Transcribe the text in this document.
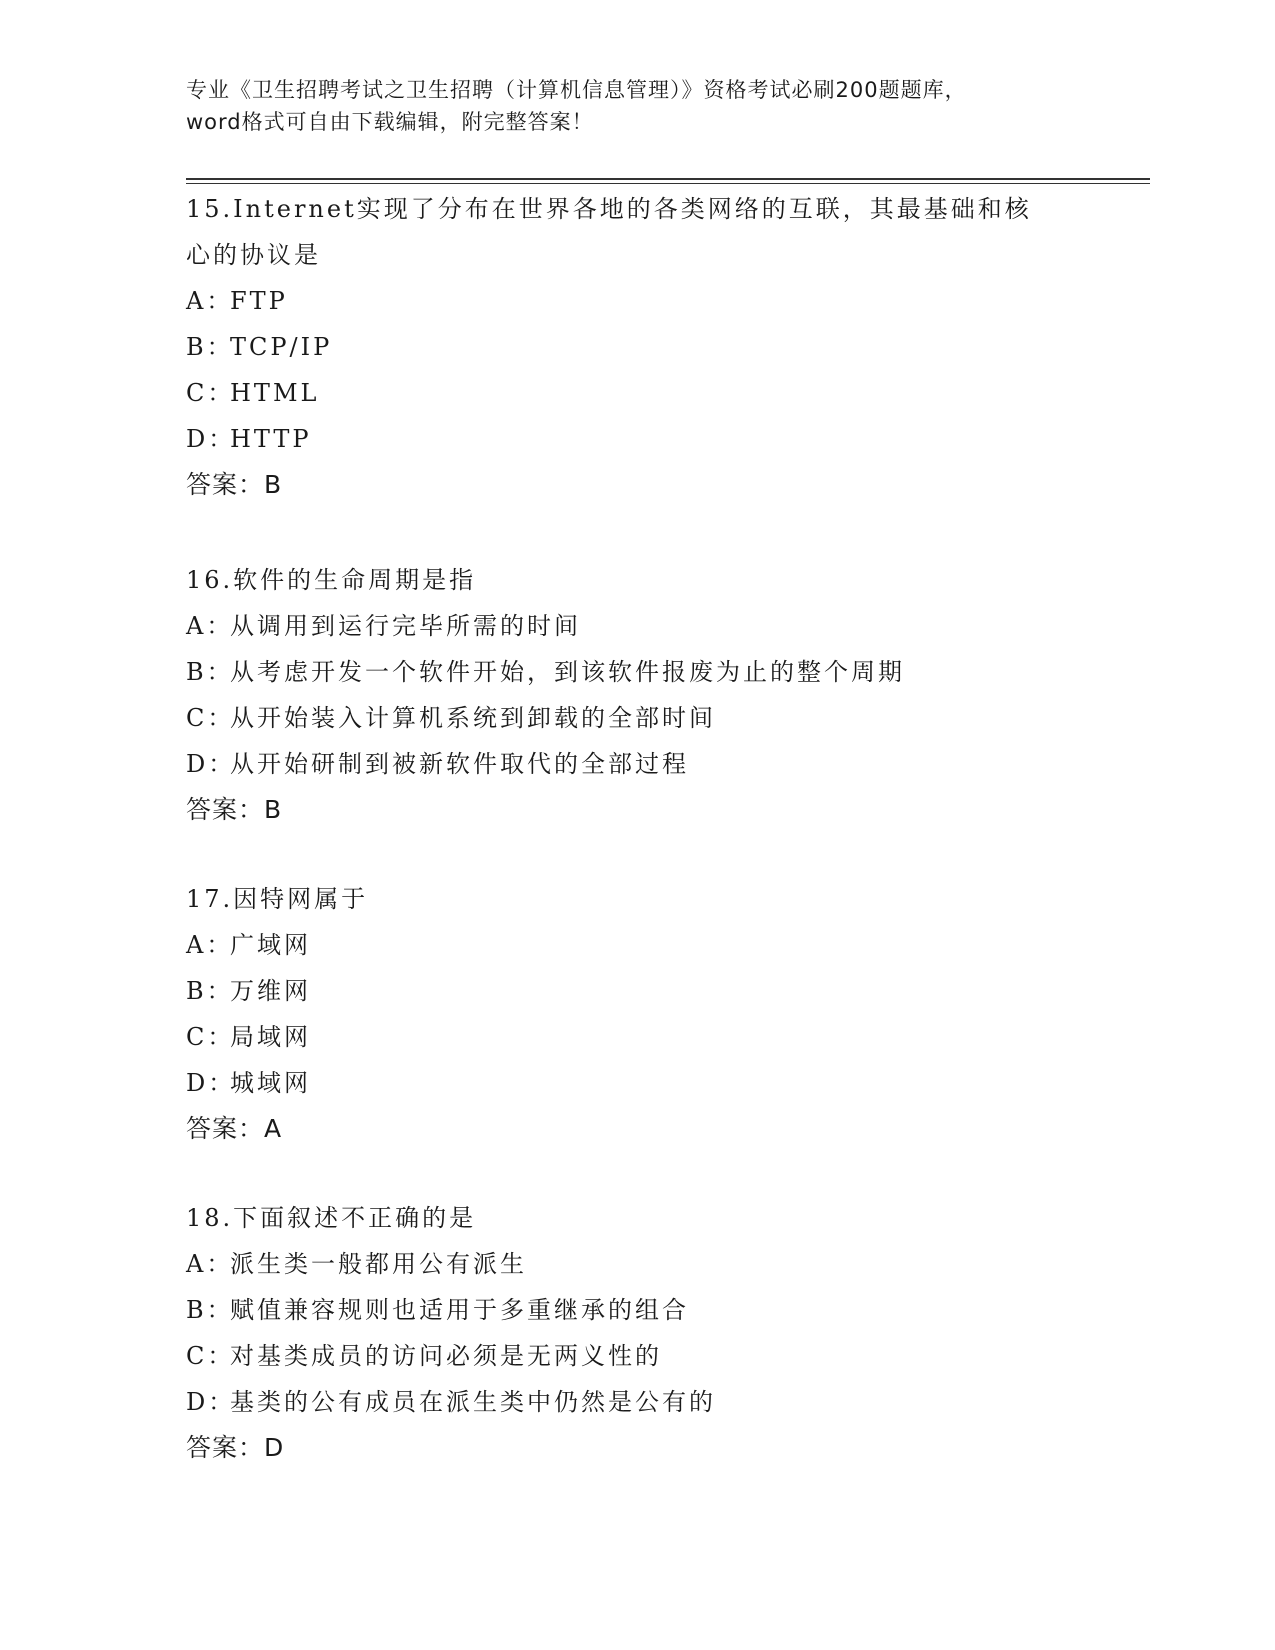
专业《卫生招聘考试之卫生招聘（计算机信息管理）》资格考试必刷200题题库，
word格式可自由下载编辑，附完整答案！
15.Internet实现了分布在世界各地的各类网络的互联，其最基础和核
心的协议是
A：FTP
B：TCP/IP
C：HTML
D：HTTP
答案：B
16.软件的生命周期是指
A：从调用到运行完毕所需的时间
B：从考虑开发一个软件开始，到该软件报废为止的整个周期
C：从开始装入计算机系统到卸载的全部时间
D：从开始研制到被新软件取代的全部过程
答案：B
17.因特网属于
A：广域网
B：万维网
C：局域网
D：城域网
答案：A
18.下面叙述不正确的是
A：派生类一般都用公有派生
B：赋值兼容规则也适用于多重继承的组合
C：对基类成员的访问必须是无两义性的
D：基类的公有成员在派生类中仍然是公有的
答案：D
